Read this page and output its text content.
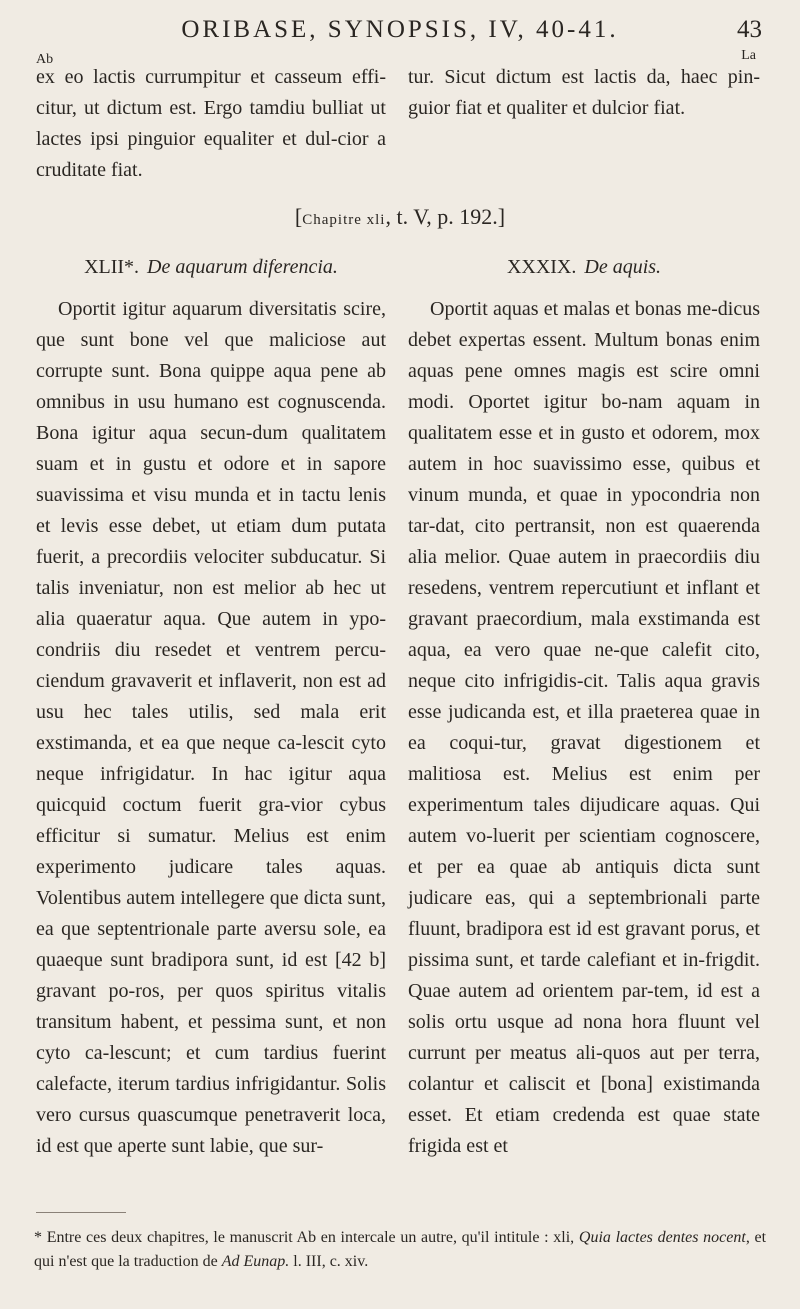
ORIBASE, SYNOPSIS, IV, 40-41.	43
Ab	La
ex eo lactis currumpitur et casseum effi-citur, ut dictum est. Ergo tamdiu bulliat ut lactes ipsi pinguior equaliter et dul-cior a cruditate fiat.
tur. Sicut dictum est lactis da, haec pin-guior fiat et qualiter et dulcior fiat.
[Chapitre xli, t. V, p. 192.]
XLII*. De aquarum diferencia.	XXXIX. De aquis.

Oportit igitur aquarum diversitatis scire, que sunt bone vel que maliciose aut corrupte sunt. Bona quippe aqua pene ab omnibus in usu humano est cognuscenda. Bona igitur aqua secun-dum qualitatem suam et in gustu et odore et in sapore suavissima et visu munda et in tactu lenis et levis esse debet, ut etiam dum putata fuerit, a precordiis velociter subducatur. Si talis inveniatur, non est melior ab hec ut alia quaeratur aqua. Que autem in ypo-condriis diu resedet et ventrem percu-ciendum gravaverit et inflaverit, non est ad usu hec tales utilis, sed mala erit exstimanda, et ea que neque ca-lescit cyto neque infrigidatur. In hac igitur aqua quicquid coctum fuerit gra-vior cybus efficitur si sumatur. Melius est enim experimento judicare tales aquas. Volentibus autem intellegere que dicta sunt, ea que septentrionale parte aversu sole, ea quaeque sunt bradipora sunt, id est [42 b] gravant po-ros, per quos spiritus vitalis transitum habent, et pessima sunt, et non cyto ca-lescunt; et cum tardius fuerint calefacte, iterum tardius infrigidantur. Solis vero cursus quascumque penetraverit loca, id est que aperte sunt labie, que sur-

Oportit aquas et malas et bonas me-dicus debet expertas essent. Multum bonas enim aquas pene omnes magis est scire omni modi. Oportet igitur bo-nam aquam in qualitatem esse et in gusto et odorem, mox autem in hoc suavissimo esse, quibus et vinum munda, et quae in ypocondria non tar-dat, cito pertransit, non est quaerenda alia melior. Quae autem in praecordiis diu resedens, ventrem repercutiunt et inflant et gravant praecordium, mala exstimanda est aqua, ea vero quae ne-que calefit cito, neque cito infrigidis-cit. Talis aqua gravis esse judicanda est, et illa praeterea quae in ea coqui-tur, gravat digestionem et malitiosa est. Melius est enim per experimentum tales dijudicare aquas. Qui autem vo-luerit per scientiam cognoscere, et per ea quae ab antiquis dicta sunt judicare eas, qui a septembrionali parte fluunt, bradipora est id est gravant porus, et pissima sunt, et tarde calefiant et in-frigdit. Quae autem ad orientem par-tem, id est a solis ortu usque ad nona hora fluunt vel currunt per meatus ali-quos aut per terra, colantur et caliscit et [bona] existimanda esset. Et etiam credenda est quae state frigida est et

* Entre ces deux chapitres, le manuscrit Ab en intercale un autre, qu'il intitule : xli, Quia lactes dentes nocent, et qui n'est que la traduction de Ad Eunap. l. III, c. xiv.
